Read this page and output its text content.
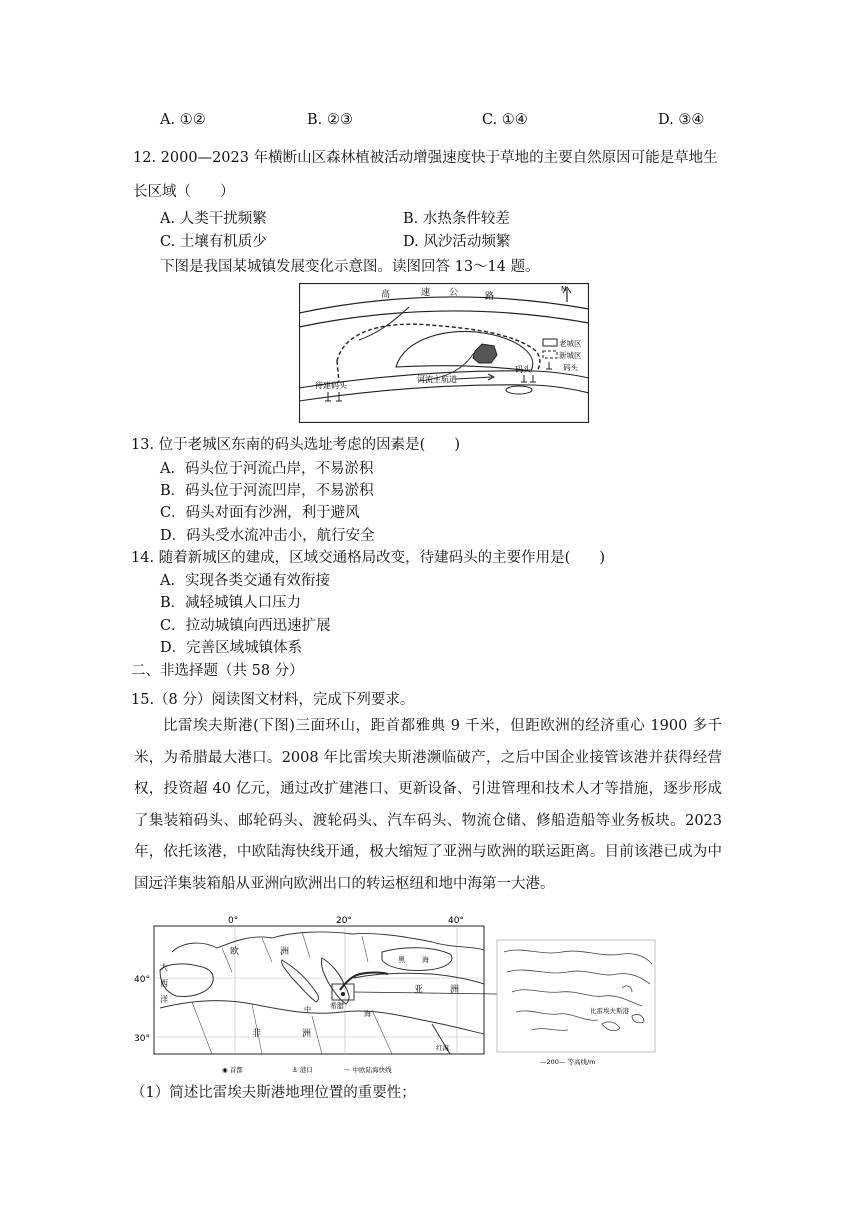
A. ①②	B. ②③	C. ①④	D. ③④
12. 2000—2023 年横断山区森林植被活动增强速度快于草地的主要自然原因可能是草地生
长区域（　　）
A. 人类干扰频繁	B. 水热条件较差
C. 土壤有机质少	D. 风沙活动频繁
下图是我国某城镇发展变化示意图。读图回答 13～14 题。
高	速 公	路
N
河流主航道
码头
待建码头
老城区
新城区
码头
13. 位于老城区东南的码头选址考虑的因素是(　　)
A．码头位于河流凸岸，不易淤积
B．码头位于河流凹岸，不易淤积
C．码头对面有沙洲，利于避风
D．码头受水流冲击小，航行安全
14. 随着新城区的建成，区域交通格局改变，待建码头的主要作用是(　　)
A．实现各类交通有效衔接
B．减轻城镇人口压力
C．拉动城镇向西迅速扩展
D．完善区域城镇体系
二、非选择题（共 58 分）
15.（8 分）阅读图文材料，完成下列要求。
比雷埃夫斯港(下图)三面环山，距首都雅典 9 千米，但距欧洲的经济重心 1900 多千米，为希腊最大港口。2008 年比雷埃夫斯港濒临破产，之后中国企业接管该港并获得经营权，投资超 40 亿元，通过改扩建港口、更新设备、引进管理和技术人才等措施，逐步形成了集装箱码头、邮轮码头、渡轮码头、汽车码头、物流仓储、修船造船等业务板块。2023 年，依托该港，中欧陆海快线开通，极大缩短了亚洲与欧洲的联运距离。目前该港已成为中国远洋集装箱船从亚洲向欧洲出口的转运枢纽和地中海第一大港。
0°	20°	40°
40°
30°
欧	洲
大
西
洋
亚	洲
非	洲
希腊
中	海
黑 海
红海
◉ 首都	⚓ 港口	～ 中欧陆海快线
比雷埃夫斯港
—200— 等高线/m
（1）简述比雷埃夫斯港地理位置的重要性；
